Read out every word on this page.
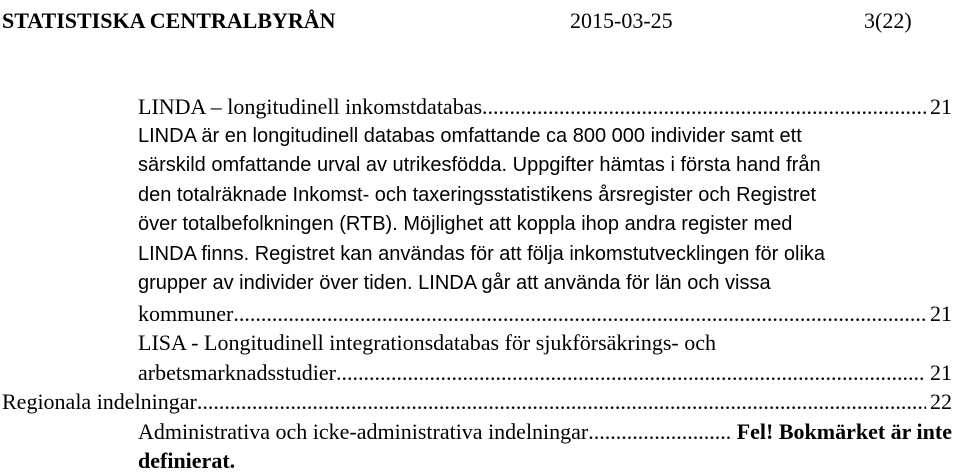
STATISTISKA CENTRALBYRÅN	2015-03-25	3(22)
LINDA – longitudinell inkomstdatabas .....	21
LINDA är en longitudinell databas omfattande ca 800 000 individer samt ett
särskild omfattande urval av utrikesfödda. Uppgifter hämtas i första hand från
den totalräknade Inkomst- och taxeringsstatistikens årsregister och Registret
över totalbefolkningen (RTB). Möjlighet att koppla ihop andra register med
LINDA finns. Registret kan användas för att följa inkomstutvecklingen för olika
grupper av individer över tiden. LINDA går att använda för län och vissa
kommuner .....	21
LISA - Longitudinell integrationsdatabas för sjukförsäkrings- och
arbetsmarknadsstudier .....	21
Regionala indelningar .....	22
Administrativa och icke-administrativa indelningar .....	Fel! Bokmärket är inte
definierat.
